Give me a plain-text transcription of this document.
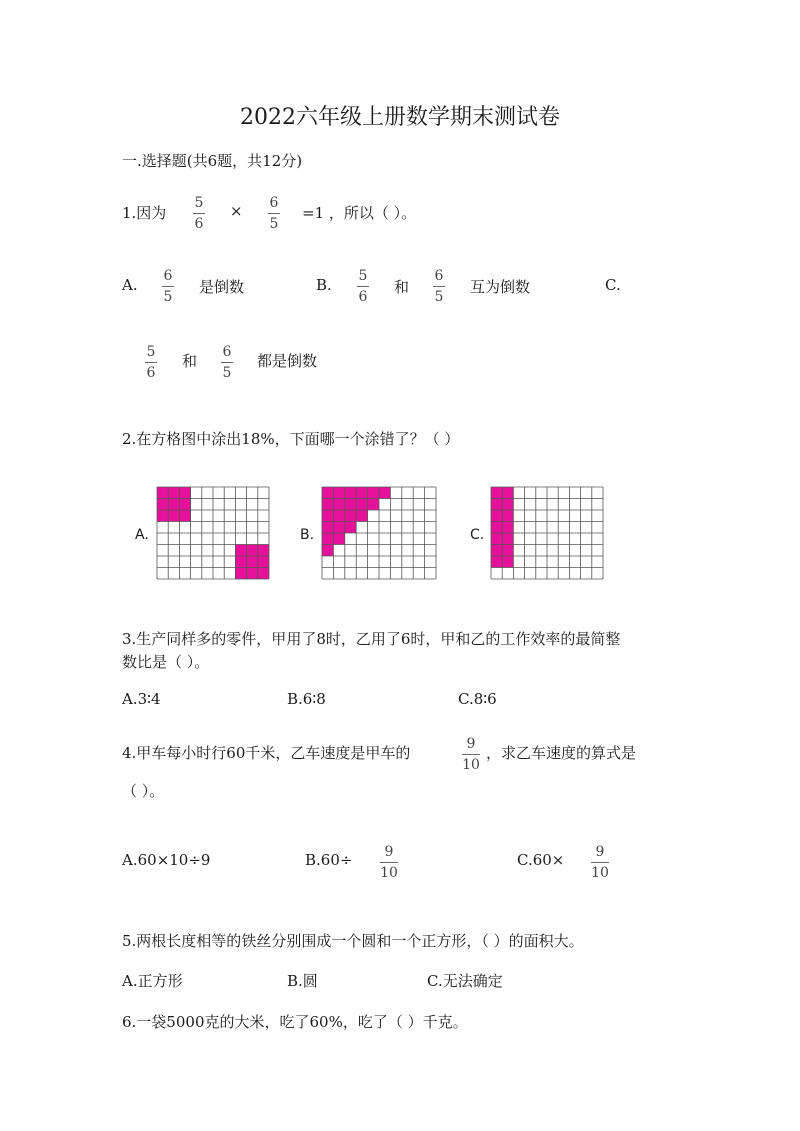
2022六年级上册数学期末测试卷
一.选择题(共6题，共12分)
1.因为
5
6
× 6
5
=1 ，所以（ ）。
A. 6
5
是倒数	B. 5
6
和
6
5
互为倒数	C.
5
6
和 6
5
都是倒数
2.在方格图中涂出18%，下面哪一个涂错了？（ ）
A.	B.	C.
3.生产同样多的零件，甲用了8时，乙用了6时，甲和乙的工作效率的最简整
数比是（ ）。
A.3∶4	B.6∶8	C.8∶6
4.甲车每小时行60千米，乙车速度是甲车的	9
10
，求乙车速度的算式是
（ ）。
A.60×10÷9	B.60÷ 9
10
C.60× 9
10
5.两根长度相等的铁丝分别围成一个圆和一个正方形，（ ）的面积大。
A.正方形	B.圆	C.无法确定
6.一袋5000克的大米，吃了60%，吃了（ ）千克。
